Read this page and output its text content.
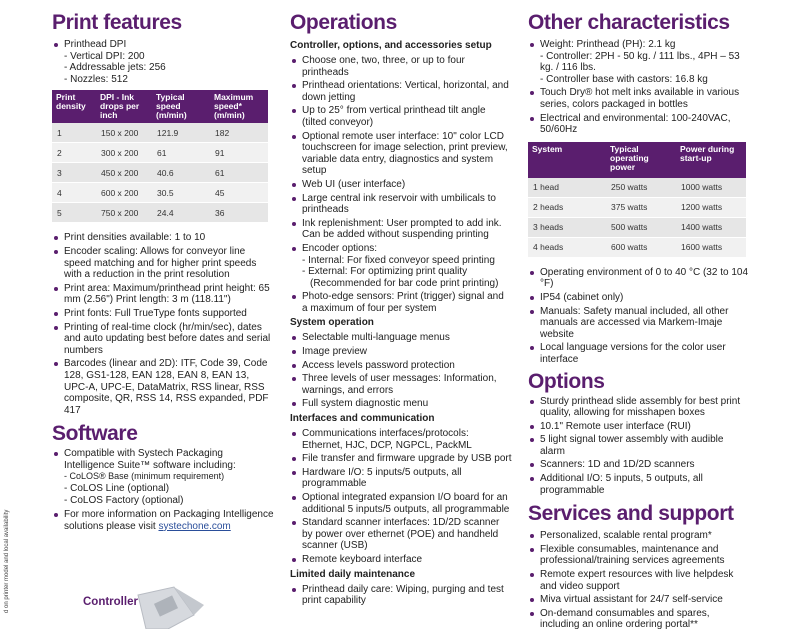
Print features
Printhead DPI
- Vertical DPI: 200
- Addressable jets: 256
- Nozzles: 512
Print density	DPI - Ink drops per inch	Typical speed (m/min)	Maximum speed* (m/min)
1	150 x 200	121.9	182
2	300 x 200	61	91
3	450 x 200	40.6	61
4	600 x 200	30.5	45
5	750 x 200	24.4	36
Print densities available: 1 to 10
Encoder scaling: Allows for conveyor line speed matching and for higher print speeds with a reduction in the print resolution
Print area: Maximum/printhead print height: 65 mm (2.56") Print length: 3 m (118.11")
Print fonts: Full TrueType fonts supported
Printing of real-time clock (hr/min/sec), dates and auto updating best before dates and serial numbers
Barcodes (linear and 2D): ITF, Code 39, Code 128, GS1-128, EAN 128, EAN 8, EAN 13, UPC-A, UPC-E, DataMatrix, RSS linear, RSS composite, QR, RSS 14, RSS expanded, PDF 417
Software
Compatible with Systech Packaging Intelligence Suite™ software including:
- CoLOS® Base (minimum requirement)
- CoLOS Line (optional)
- CoLOS Factory (optional)
For more information on Packaging Intelligence solutions please visit systechone.com
d on printer model and local availability	Controller
Operations
Controller, options, and accessories setup
Choose one, two, three, or up to four printheads
Printhead orientations: Vertical, horizontal, and down jetting
Up to 25° from vertical printhead tilt angle (tilted conveyor)
Optional remote user interface: 10" color LCD touchscreen for image selection, print preview, variable data entry, diagnostics and system setup
Web UI (user interface)
Large central ink reservoir with umbilicals to printheads
Ink replenishment: User prompted to add ink. Can be added without suspending printing
Encoder options:
- Internal: For fixed conveyor speed printing
- External: For optimizing print quality
(Recommended for bar code print printing)
Photo-edge sensors: Print (trigger) signal and a maximum of four per system
System operation
Selectable multi-language menus
Image preview
Access levels password protection
Three levels of user messages: Information, warnings, and errors
Full system diagnostic menu
Interfaces and communication
Communications interfaces/protocols: Ethernet, HJC, DCP, NGPCL, PackML
File transfer and firmware upgrade by USB port
Hardware I/O: 5 inputs/5 outputs, all programmable
Optional integrated expansion I/O board for an additional 5 inputs/5 outputs, all programmable
Standard scanner interfaces: 1D/2D scanner by power over ethernet (POE) and handheld scanner (USB)
Remote keyboard interface
Limited daily maintenance
Printhead daily care: Wiping, purging and test print capability
Other characteristics
Weight: Printhead (PH): 2.1 kg
- Controller: 2PH - 50 kg. / 111 lbs., 4PH – 53 kg. / 116 lbs.
- Controller base with castors: 16.8 kg
Touch Dry® hot melt inks available in various series, colors packaged in bottles
Electrical and environmental: 100-240VAC, 50/60Hz
System	Typical operating power	Power during start-up
1 head	250 watts	1000 watts
2 heads	375 watts	1200 watts
3 heads	500 watts	1400 watts
4 heads	600 watts	1600 watts
Operating environment of 0 to 40 °C (32 to 104 °F)
IP54 (cabinet only)
Manuals: Safety manual included, all other manuals are accessed via Markem-Imaje website
Local language versions for the color user interface
Options
Sturdy printhead slide assembly for best print quality, allowing for misshapen boxes
10.1" Remote user interface (RUI)
5 light signal tower assembly with audible alarm
Scanners: 1D and 1D/2D scanners
Additional I/O: 5 inputs, 5 outputs, all programmable
Services and support
Personalized, scalable rental program*
Flexible consumables, maintenance and professional/training services agreements
Remote expert resources with live helpdesk and video support
Miva virtual assistant for 24/7 self-service
On-demand consumables and spares, including an online ordering portal**
